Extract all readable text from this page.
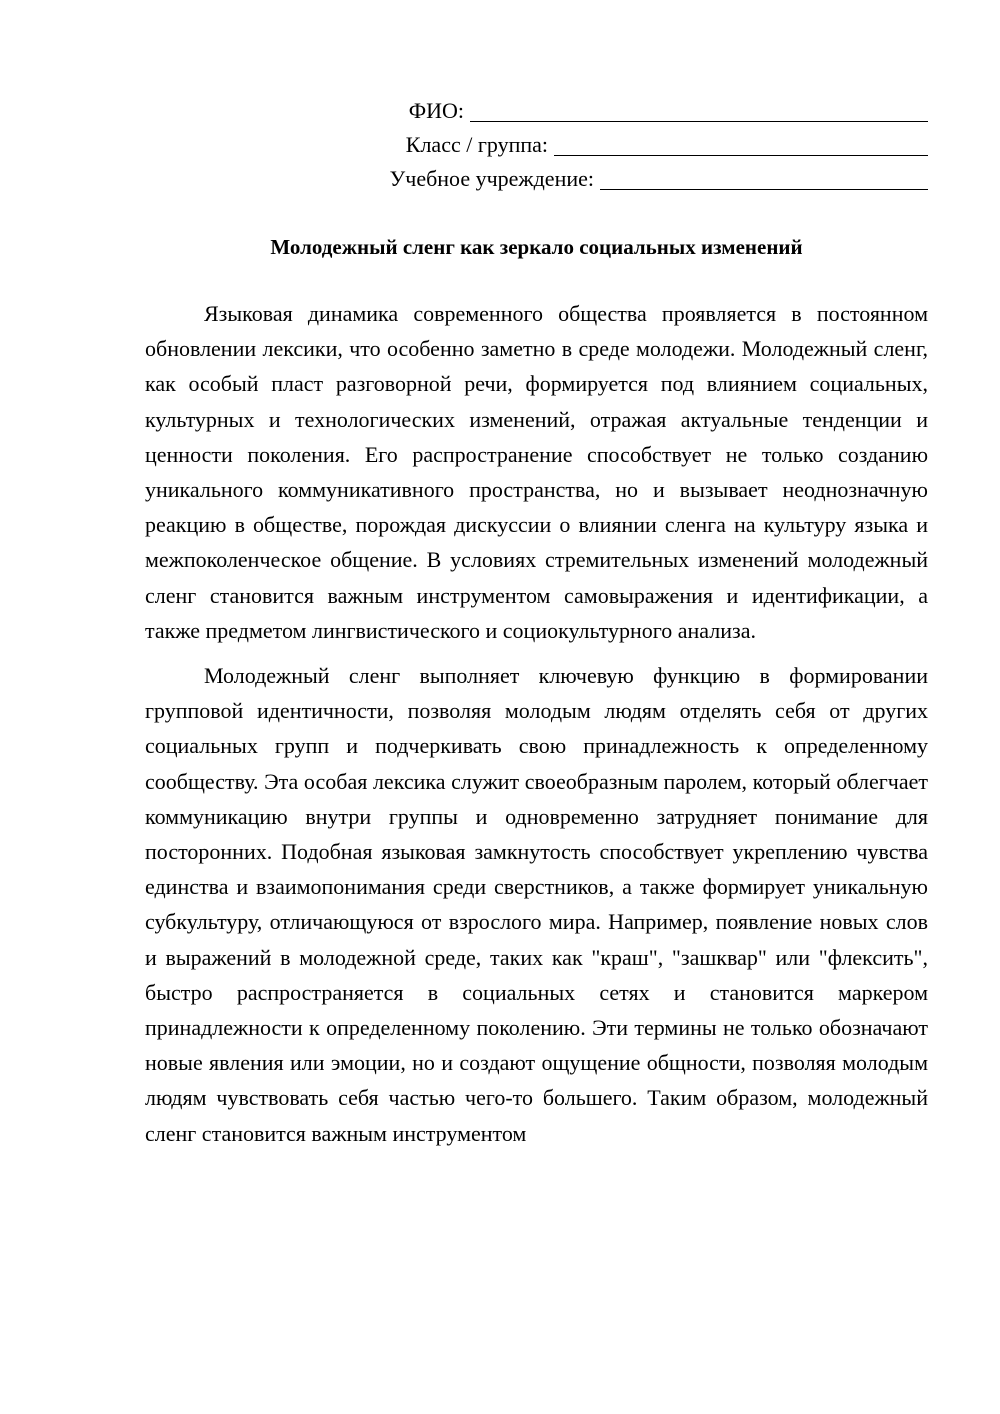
ФИО:
Класс / группа:
Учебное учреждение:
Молодежный сленг как зеркало социальных изменений

Языковая динамика современного общества проявляется в постоянном обновлении лексики, что особенно заметно в среде молодежи. Молодежный сленг, как особый пласт разговорной речи, формируется под влиянием социальных, культурных и технологических изменений, отражая актуальные тенденции и ценности поколения. Его распространение способствует не только созданию уникального коммуникативного пространства, но и вызывает неоднозначную реакцию в обществе, порождая дискуссии о влиянии сленга на культуру языка и межпоколенческое общение. В условиях стремительных изменений молодежный сленг становится важным инструментом самовыражения и идентификации, а также предметом лингвистического и социокультурного анализа.

Молодежный сленг выполняет ключевую функцию в формировании групповой идентичности, позволяя молодым людям отделять себя от других социальных групп и подчеркивать свою принадлежность к определенному сообществу. Эта особая лексика служит своеобразным паролем, который облегчает коммуникацию внутри группы и одновременно затрудняет понимание для посторонних. Подобная языковая замкнутость способствует укреплению чувства единства и взаимопонимания среди сверстников, а также формирует уникальную субкультуру, отличающуюся от взрослого мира. Например, появление новых слов и выражений в молодежной среде, таких как "краш", "зашквар" или "флексить", быстро распространяется в социальных сетях и становится маркером принадлежности к определенному поколению. Эти термины не только обозначают новые явления или эмоции, но и создают ощущение общности, позволяя молодым людям чувствовать себя частью чего-то большего. Таким образом, молодежный сленг становится важным инструментом
